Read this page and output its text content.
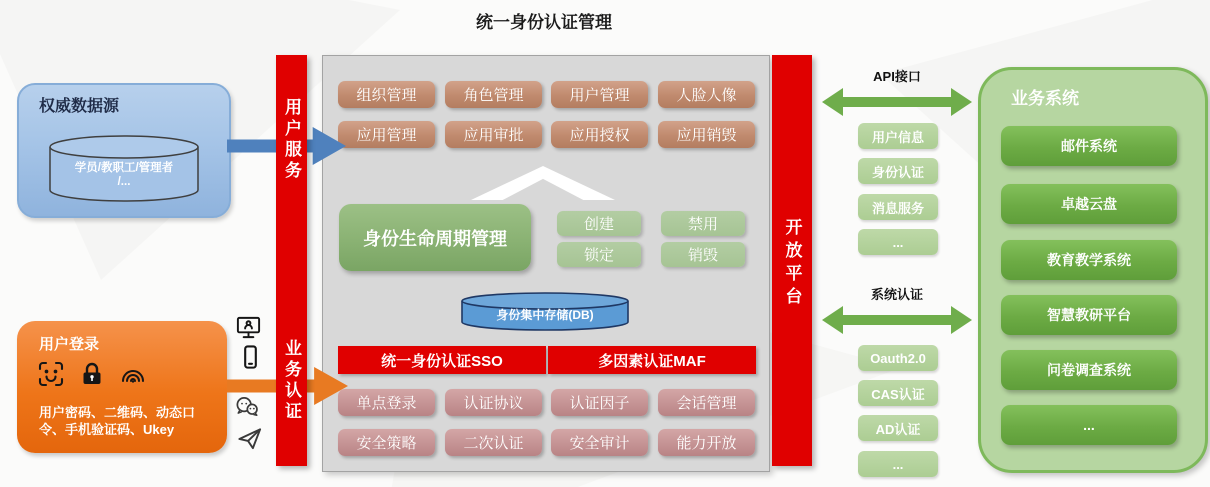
统一身份认证管理
权威数据源
学员/教职工/管理者
/...
用户登录
用户密码、二维码、动态口令、手机验证码、Ukey
用户服务
业务认证
开放平台
组织管理	角色管理	用户管理	人脸人像
应用管理	应用审批	应用授权	应用销毁
身份生命周期管理
创建	禁用
锁定	销毁
身份集中存储(DB)
统一身份认证SSO	多因素认证MAF
单点登录	认证协议	认证因子	会话管理
安全策略	二次认证	安全审计	能力开放
API接口
用户信息
身份认证
消息服务
...
系统认证
Oauth2.0
CAS认证
AD认证
...
业务系统
邮件系统
卓越云盘
教育教学系统
智慧教研平台
问卷调查系统
...
